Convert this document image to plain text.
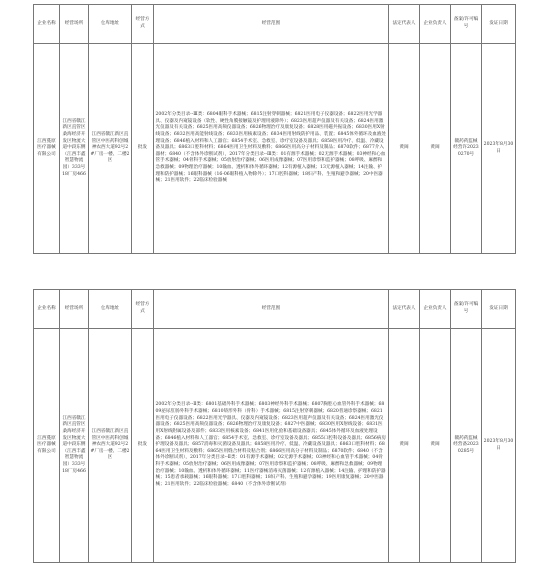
企业名称	经营场所	仓库地址	经营方式	经营范围	法定代表人	企业负责人	备案/许可编号	发证日期
江西蔓原医疗器械有限公司	江西省赣江新区直管区桑海经济开发区物流大道中段东侧（江西丰鑫智慧物流园）333号18厂房466	江西省赣江新区直管区中医药科创城神农西大道92号2#厂房一楼、二楼2区	批发	2002年分类目录--Ⅲ类：6804眼科手术器械；6815注射穿刺器械；6821医用电子仪器设备；6822医用光学器具、仪器及内窥镜设备（软性、硬性角膜接触镜及护理用液除外）；6823医用超声仪器及有关设备；6824医用激光仪器及有关设备；6825医用高频仪器设备；6826物理治疗及康复设备；6828医用磁共振设备；6830医用X射线设备；6832医用高能射线设备；6833医用核素设备；6834医用射线防护用品、装置；6845体外循环及血液处理设备；6846植入材料和人工器官；6854手术室、急救室、诊疗室设备及器具；6858医用冷疗、低温、冷藏设备及器具；6863口腔科材料；6864医用卫生材料及敷料；6866医用高分子材料及制品；6870软件；6877介入器材；6840（不含体外诊断试剂），2017年分类目录--Ⅲ类：01有源手术器械；02无源手术器械；03神经和心血管手术器械；04骨科手术器械；05放射治疗器械；06医用成像器械；07医用诊察和监护器械；08呼吸、麻醉和急救器械；09物理治疗器械；10输血、透析和体外循环器械；12有源植入器械；13无源植入器械；14注输、护理和防护器械；16眼科器械（16-06眼科植入物除外）；17口腔科器械；18妇产科、生殖和避孕器械；20中医器械；21医用软件；22临床检验器械	黄闽	黄闽	赣药药监械经营许20230270号	2023年8月30日
企业名称	经营场所	仓库地址	经营方式	经营范围	法定代表人	企业负责人	备案/许可编号	发证日期
江西蔓原医疗器械有限公司	江西省赣江新区直管区桑海经济开发区物流大道中段东侧（江西丰鑫智慧物流园）333号18厂房466	江西省赣江新区直管区中医药科创城神农西大道92号2#厂房一楼、二楼2区	批发	2002年分类目录--Ⅱ类：6801基础外科手术器械；6803神经外科手术器械；6807胸腔心血管外科手术器械；6809泌尿肛肠外科手术器械；6810矫形外科（骨科）手术器械；6815注射穿刺器械；6820普通诊察器械；6821医用电子仪器设备；6822医用光学器具、仪器及内窥镜设备；6823医用超声仪器及有关设备；6824医用激光仪器设备；6825医用高频仪器设备；6826物理治疗及康复设备；6827中医器械；6830医用X射线设备；6831医用X射线附属设备及部件；6833医用核素设备；6841医用化验和基础设备器具；6845体外循环及血液处理设备；6846植入材料和人工器官；6854手术室、急救室、诊疗室设备及器具；6855口腔科设备及器具；6856病房护理设备及器具；6857消毒和灭菌设备及器具；6858医用冷疗、低温、冷藏设备及器具；6863口腔科材料；6864医用卫生材料及敷料；6865医用缝合材料及粘合剂；6866医用高分子材料及制品；6870软件；6840（不含体外诊断试剂），2017年分类目录--Ⅱ类：01有源手术器械；02无源手术器械；03神经和心血管手术器械；04骨科手术器械；05放射治疗器械；06医用成像器械；07医用诊察和监护器械；08呼吸、麻醉和急救器械；09物理治疗器械；10输血、透析和体外循环器械；11医疗器械消毒灭菌器械；12有源植入器械；14注输、护理和防护器械；15患者承载器械；16眼科器械；17口腔科器械；18妇产科、生殖和避孕器械；19医用康复器械；20中医器械；21医用软件；22临床检验器械；6840（不含体外诊断试剂）	黄闽	黄闽	赣药药监械经营备20230285号	2023年8月30日
